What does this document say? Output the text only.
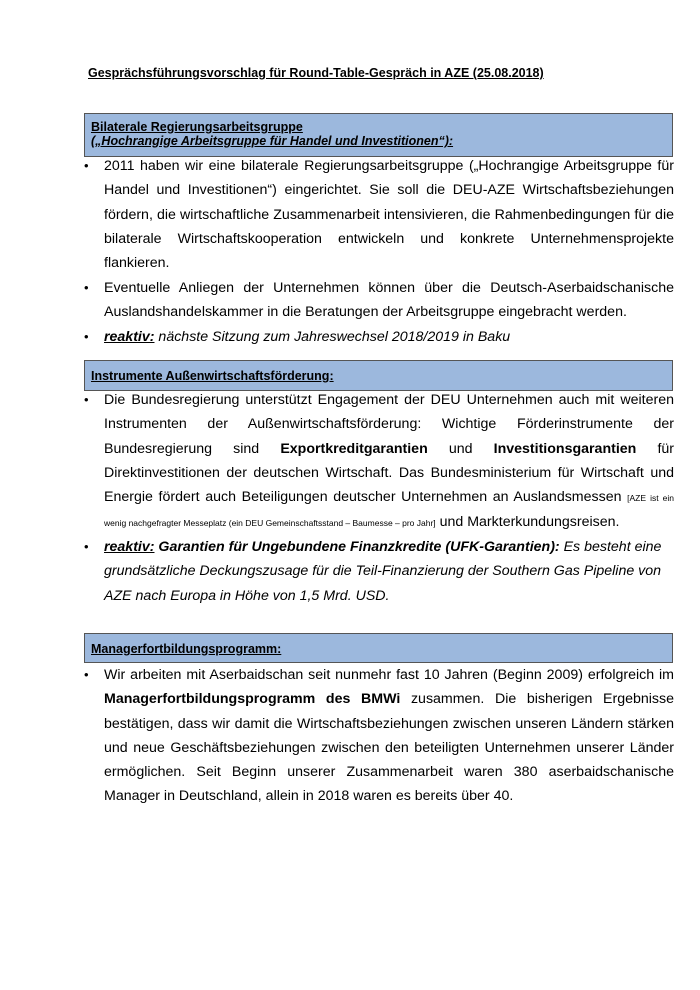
Gesprächsführungsvorschlag für Round-Table-Gespräch in AZE (25.08.2018)
Bilaterale Regierungsarbeitsgruppe
(„Hochrangige Arbeitsgruppe für Handel und Investitionen“):
•	2011 haben wir eine bilaterale Regierungsarbeitsgruppe („Hochrangige Arbeitsgruppe für Handel und Investitionen“) eingerichtet. Sie soll die DEU-AZE Wirtschaftsbeziehungen fördern, die wirtschaftliche Zusammenarbeit intensivieren, die Rahmenbedingungen für die bilaterale Wirtschaftskooperation entwickeln und konkrete Unternehmensprojekte flankieren.
•	Eventuelle Anliegen der Unternehmen können über die Deutsch-Aserbaidschanische Auslandshandelskammer in die Beratungen der Arbeitsgruppe eingebracht werden.
•	reaktiv: nächste Sitzung zum Jahreswechsel 2018/2019 in Baku
Instrumente Außenwirtschaftsförderung:
•	Die Bundesregierung unterstützt Engagement der DEU Unternehmen auch mit weiteren Instrumenten der Außenwirtschaftsförderung: Wichtige Förderinstrumente der Bundesregierung sind Exportkreditgarantien und Investitionsgarantien für Direktinvestitionen der deutschen Wirtschaft. Das Bundesministerium für Wirtschaft und Energie fördert auch Beteiligungen deutscher Unternehmen an Auslandsmessen [AZE ist ein wenig nachgefragter Messeplatz (ein DEU Gemeinschaftsstand – Baumesse – pro Jahr] und Markterkundungsreisen.
•	reaktiv: Garantien für Ungebundene Finanzkredite (UFK-Garantien): Es besteht eine grundsätzliche Deckungszusage für die Teil-Finanzierung der Southern Gas Pipeline von AZE nach Europa in Höhe von 1,5 Mrd. USD.
Managerfortbildungsprogramm:
•	Wir arbeiten mit Aserbaidschan seit nunmehr fast 10 Jahren (Beginn 2009) erfolgreich im Managerfortbildungsprogramm des BMWi zusammen. Die bisherigen Ergebnisse bestätigen, dass wir damit die Wirtschaftsbeziehungen zwischen unseren Ländern stärken und neue Geschäftsbeziehungen zwischen den beteiligten Unternehmen unserer Länder ermöglichen. Seit Beginn unserer Zusammenarbeit waren 380 aserbaidschanische Manager in Deutschland, allein in 2018 waren es bereits über 40.
